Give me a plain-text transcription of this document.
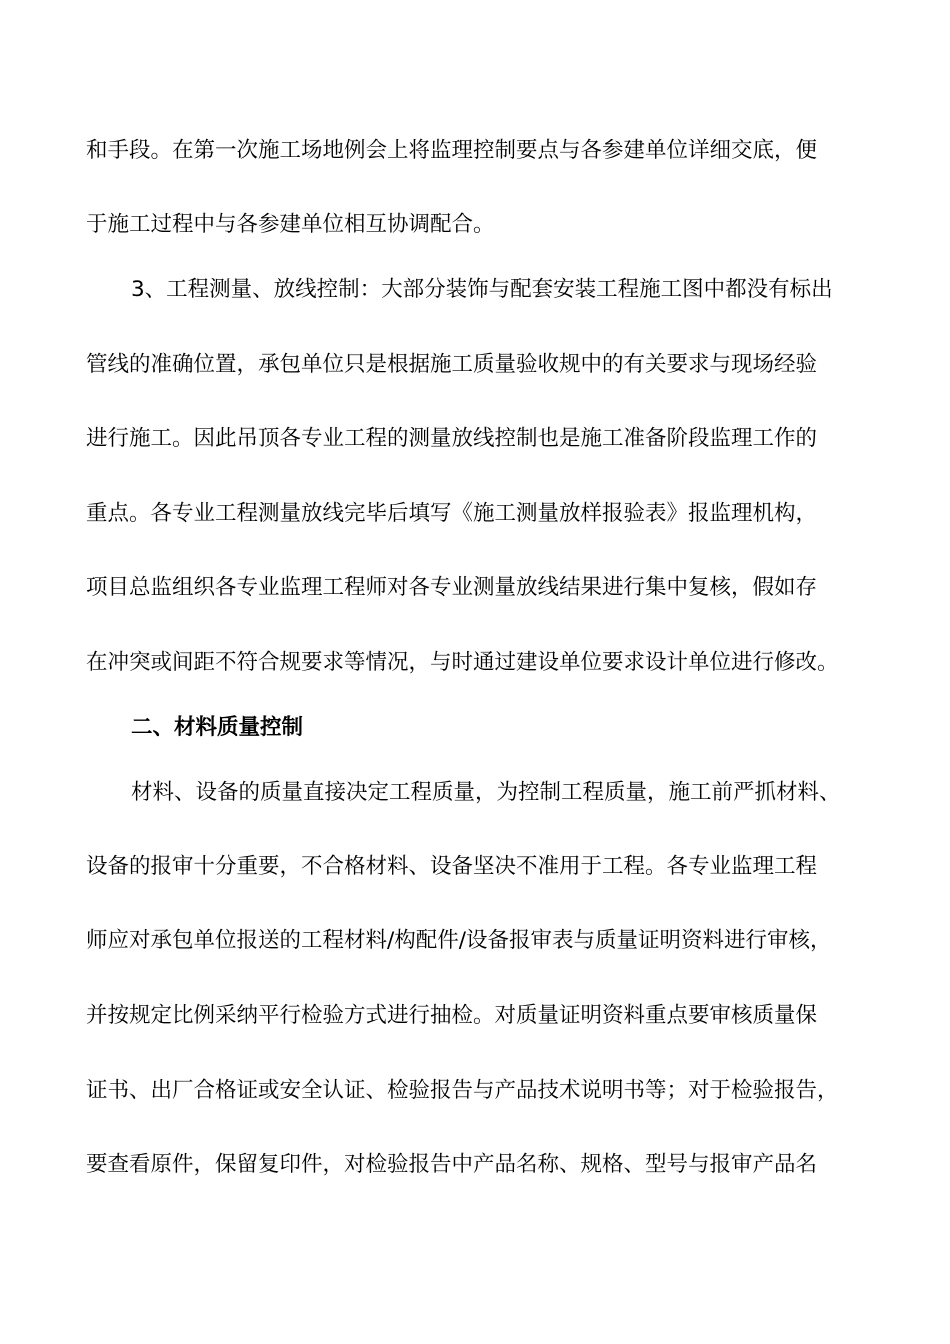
和手段。在第一次施工场地例会上将监理控制要点与各参建单位详细交底，便
于施工过程中与各参建单位相互协调配合。
3、工程测量、放线控制：大部分装饰与配套安装工程施工图中都没有标出
管线的准确位置，承包单位只是根据施工质量验收规中的有关要求与现场经验
进行施工。因此吊顶各专业工程的测量放线控制也是施工准备阶段监理工作的
重点。各专业工程测量放线完毕后填写《施工测量放样报验表》报监理机构，
项目总监组织各专业监理工程师对各专业测量放线结果进行集中复核，假如存
在冲突或间距不符合规要求等情况，与时通过建设单位要求设计单位进行修改。
二、材料质量控制
材料、设备的质量直接决定工程质量，为控制工程质量，施工前严抓材料、
设备的报审十分重要，不合格材料、设备坚决不准用于工程。各专业监理工程
师应对承包单位报送的工程材料/构配件/设备报审表与质量证明资料进行审核，
并按规定比例采纳平行检验方式进行抽检。对质量证明资料重点要审核质量保
证书、出厂合格证或安全认证、检验报告与产品技术说明书等；对于检验报告，
要查看原件，保留复印件，对检验报告中产品名称、规格、型号与报审产品名
